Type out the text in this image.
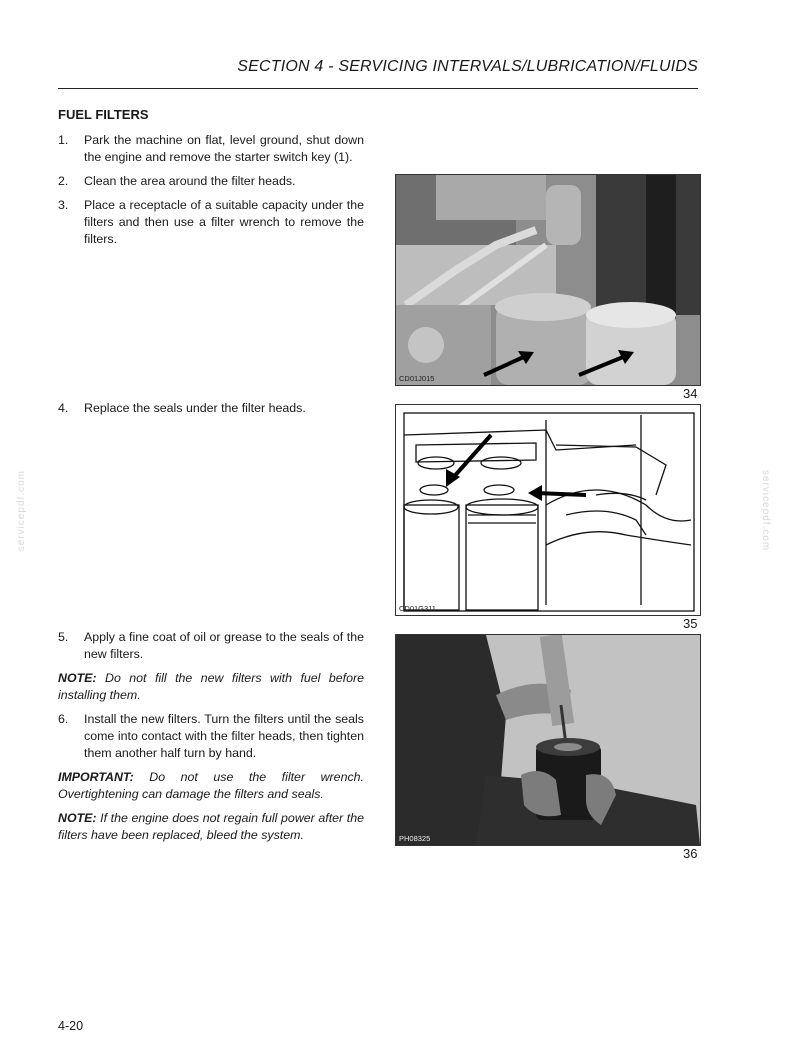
SECTION 4 - SERVICING INTERVALS/LUBRICATION/FLUIDS
FUEL FILTERS
1.	Park the machine on flat, level ground, shut down the engine and remove the starter switch key (1).
2.	Clean the area around the filter heads.
3.	Place a receptacle of a suitable capacity under the filters and then use a filter wrench to remove the filters.
4.	Replace the seals under the filter heads.
5.	Apply a fine coat of oil or grease to the seals of the new filters.
NOTE: Do not fill the new filters with fuel before installing them.
6.	Install the new filters. Turn the filters until the seals come into contact with the filter heads, then tighten them another half turn by hand.
IMPORTANT: Do not use the filter wrench. Overtightening can damage the filters and seals.
NOTE: If the engine does not regain full power after the filters have been replaced, bleed the system.
CD01J015
34
CD01G311
35
PH08325
36
4-20
servicepdf.com	servicepdf.com
